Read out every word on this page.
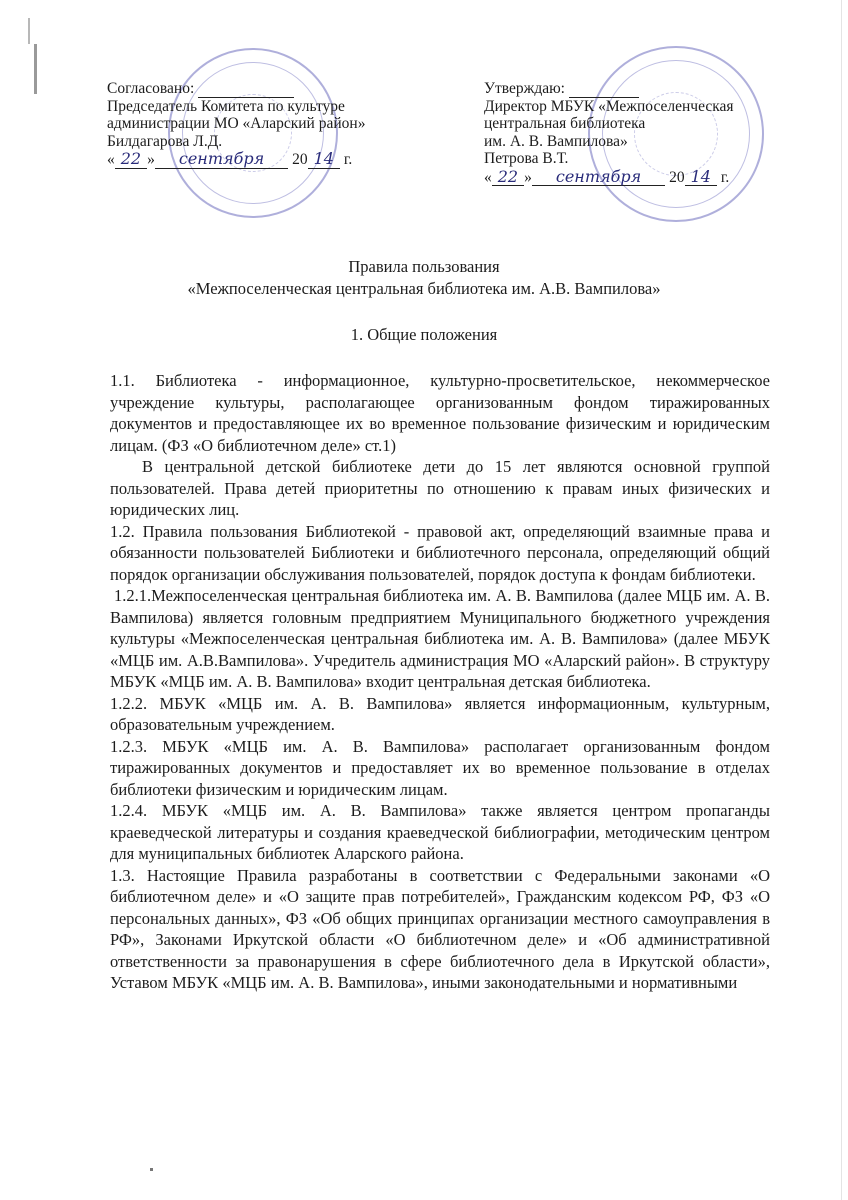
Согласовано:

Председатель Комитета по культуре

администрации МО «Аларский район»

Билдагарова Л.Д.

« 22 » сентября 20 14 г.

Утверждаю:

Директор МБУК «Межпоселенческая

центральная библиотека

им. А. В. Вампилова»

Петрова В.Т.

« 22 » сентября 20 14 г.

Правила пользования

«Межпоселенческая центральная библиотека им. А.В. Вампилова»

1. Общие положения

1.1. Библиотека - информационное, культурно-просветительское, некоммерческое учреждение культуры, располагающее организованным фондом тиражированных документов и предоставляющее их во временное пользование физическим и юридическим лицам. (ФЗ «О библиотечном деле» ст.1)

В центральной детской библиотеке дети до 15 лет являются основной группой пользователей. Права детей приоритетны по отношению к правам иных физических и юридических лиц.

1.2. Правила пользования Библиотекой - правовой акт, определяющий взаимные права и обязанности пользователей Библиотеки и библиотечного персонала, определяющий общий порядок организации обслуживания пользователей, порядок доступа к фондам библиотеки.

1.2.1.Межпоселенческая центральная библиотека им. А. В. Вампилова (далее МЦБ им. А. В. Вампилова) является головным предприятием Муниципального бюджетного учреждения культуры «Межпоселенческая центральная библиотека им. А. В. Вампилова» (далее МБУК «МЦБ им. А.В.Вампилова». Учредитель администрация МО «Аларский район». В структуру МБУК «МЦБ им. А. В. Вампилова» входит центральная детская библиотека.

1.2.2. МБУК «МЦБ им. А. В. Вампилова» является информационным, культурным, образовательным учреждением.

1.2.3. МБУК «МЦБ им. А. В. Вампилова» располагает организованным фондом тиражированных документов и предоставляет их во временное пользование в отделах библиотеки физическим и юридическим лицам.

1.2.4. МБУК «МЦБ им. А. В. Вампилова» также является центром пропаганды краеведческой литературы и создания краеведческой библиографии, методическим центром для муниципальных библиотек Аларского района.

1.3. Настоящие Правила разработаны в соответствии с Федеральными законами «О библиотечном деле» и «О защите прав потребителей», Гражданским кодексом РФ, ФЗ «О персональных данных», ФЗ «Об общих принципах организации местного самоуправления в РФ», Законами Иркутской области «О библиотечном деле» и «Об административной ответственности за правонарушения в сфере библиотечного дела в Иркутской области», Уставом МБУК «МЦБ им. А. В. Вампилова», иными законодательными и нормативными
